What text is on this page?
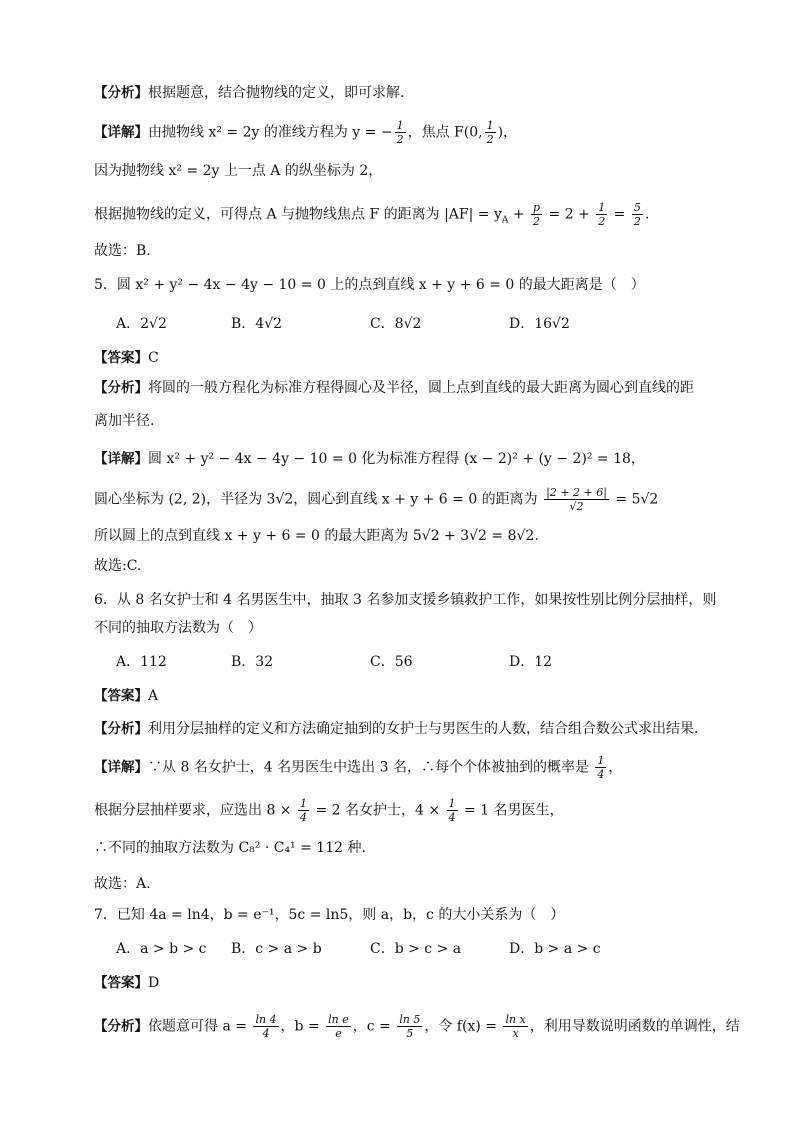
【分析】根据题意，结合抛物线的定义，即可求解.
【详解】由抛物线 x² = 2y 的准线方程为 y = − $\frac{1}{2}$ ，焦点 F(0, $\frac{1}{2}$ )，
因为抛物线 x² = 2y 上一点 A 的纵坐标为 2，
根据抛物线的定义，可得点 A 与抛物线焦点 F 的距离为 $|AF| = y_A + \frac{p}{2} = 2 + \frac{1}{2} = \frac{5}{2}$ .
故选：B.
5．圆 x² + y² − 4x − 4y − 10 = 0 上的点到直线 x + y + 6 = 0 的最大距离是（　）
A．2√2	B．4√2	C．8√2	D．16√2
【答案】C
【分析】将圆的一般方程化为标准方程得圆心及半径，圆上点到直线的最大距离为圆心到直线的距
离加半径.
【详解】圆 x² + y² − 4x − 4y − 10 = 0 化为标准方程得 (x − 2)² + (y − 2)² = 18，
圆心坐标为 (2, 2)，半径为 3√2，圆心到直线 x + y + 6 = 0 的距离为 $\frac{|2 + 2 + 6|}{√2} = 5√2$
所以圆上的点到直线 x + y + 6 = 0 的最大距离为 5√2 + 3√2 = 8√2.
故选:C.
6．从 8 名女护士和 4 名男医生中，抽取 3 名参加支援乡镇救护工作，如果按性别比例分层抽样，则
不同的抽取方法数为（　）
A．112	B．32	C．56	D．12
【答案】A
【分析】利用分层抽样的定义和方法确定抽到的女护士与男医生的人数，结合组合数公式求出结果.
【详解】∵从 8 名女护士，4 名男医生中选出 3 名，∴每个个体被抽到的概率是 $\frac{1}{4}$ ，
根据分层抽样要求，应选出 $8 \times \frac{1}{4} = 2$ 名女护士，$4 \times \frac{1}{4} = 1$ 名男医生，
∴不同的抽取方法数为 C₈² · C₄¹ = 112 种.
故选：A.
7．已知 4a = ln4，b = e⁻¹，5c = ln5，则 a，b，c 的大小关系为（　）
A．a > b > c B．c > a > b	C．b > c > a	D．b > a > c
【答案】D
【分析】依题意可得 $a = \frac{\ln 4}{4}$ ，$b = \frac{\text{ln e}}{e}$ ，$c = \frac{\ln 5}{5}$ ，令 $f(x) = \frac{\text{ln x}}{x}$ ，利用导数说明函数的单调性，结
